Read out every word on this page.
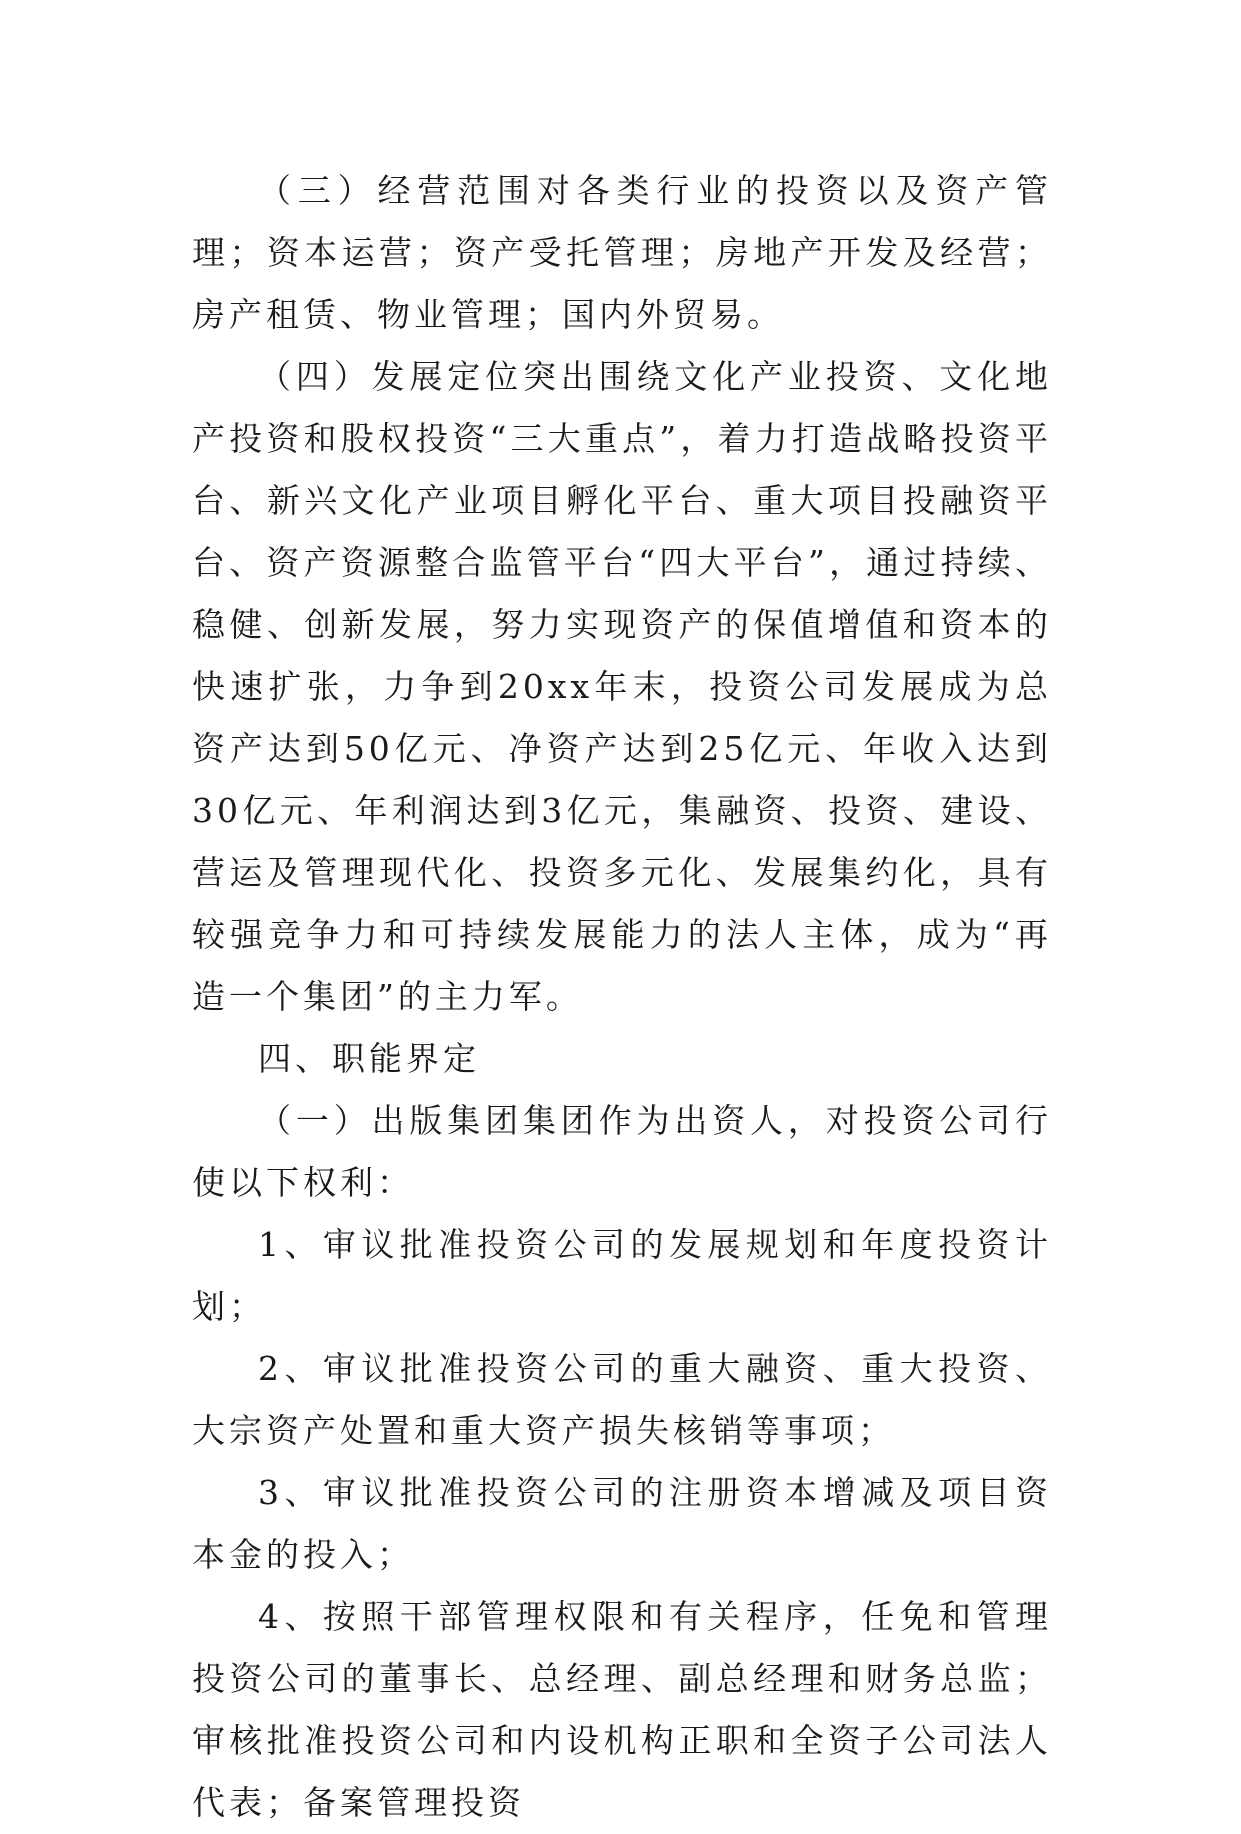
（三）经营范围对各类行业的投资以及资产管理；资本运营；资产受托管理；房地产开发及经营；房产租赁、物业管理；国内外贸易。

（四）发展定位突出围绕文化产业投资、文化地产投资和股权投资“三大重点”，着力打造战略投资平台、新兴文化产业项目孵化平台、重大项目投融资平台、资产资源整合监管平台“四大平台”，通过持续、稳健、创新发展，努力实现资产的保值增值和资本的快速扩张，力争到20xx年末，投资公司发展成为总资产达到50亿元、净资产达到25亿元、年收入达到30亿元、年利润达到3亿元，集融资、投资、建设、营运及管理现代化、投资多元化、发展集约化，具有较强竞争力和可持续发展能力的法人主体，成为“再造一个集团”的主力军。

四、职能界定

（一）出版集团集团作为出资人，对投资公司行使以下权利：

1、审议批准投资公司的发展规划和年度投资计划；

2、审议批准投资公司的重大融资、重大投资、大宗资产处置和重大资产损失核销等事项；

3、审议批准投资公司的注册资本增减及项目资本金的投入；

4、按照干部管理权限和有关程序，任免和管理投资公司的董事长、总经理、副总经理和财务总监；审核批准投资公司和内设机构正职和全资子公司法人代表；备案管理投资
